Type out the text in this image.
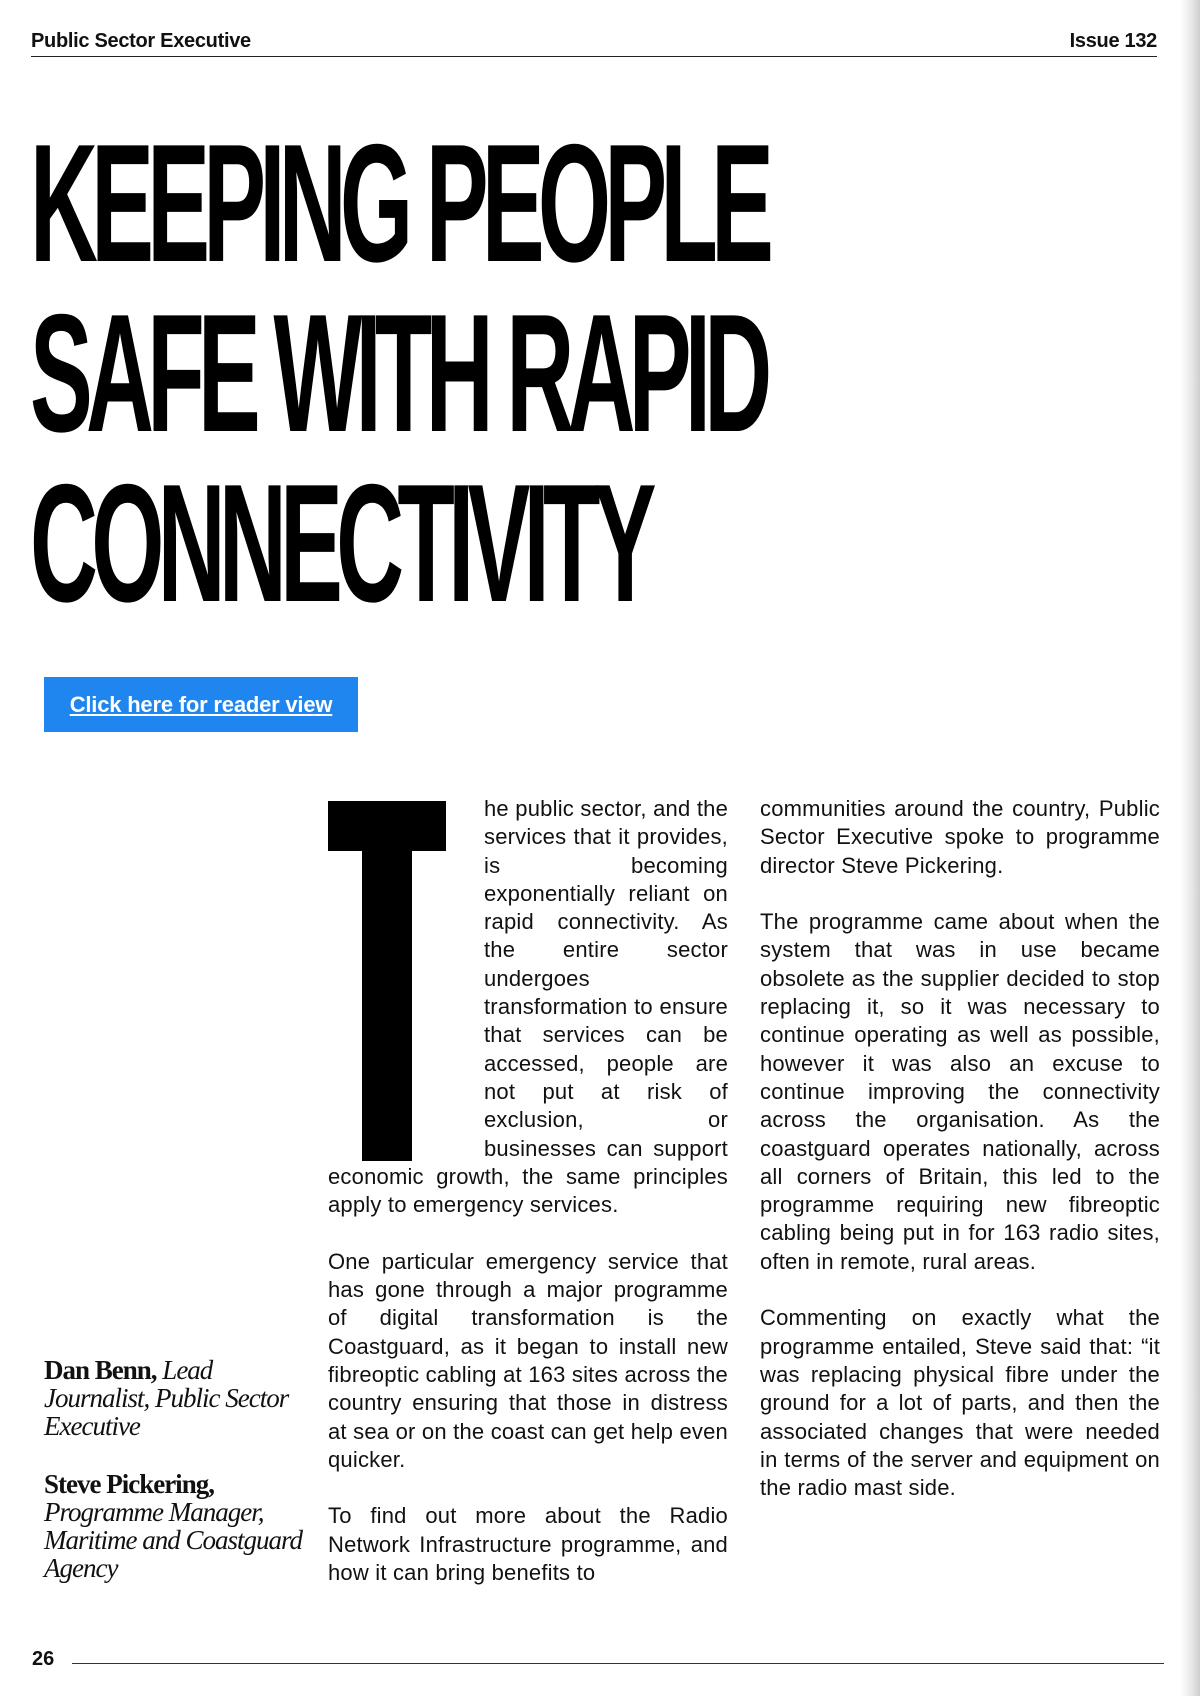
Public Sector Executive	Issue 132
KEEPING PEOPLE
SAFE WITH RAPID
CONNECTIVITY
Click here for reader view
Dan Benn, Lead Journalist, Public Sector Executive
Steve Pickering, Programme Manager, Maritime and Coastguard Agency

he public sector, and the services that it provides, is becoming exponentially reliant on rapid connectivity. As the entire sector undergoes transformation to ensure that services can be accessed, people are not put at risk of exclusion, or businesses can support economic growth, the same principles apply to emergency services.

One particular emergency service that has gone through a major programme of digital transformation is the Coastguard, as it began to install new fibreoptic cabling at 163 sites across the country ensuring that those in distress at sea or on the coast can get help even quicker.

To find out more about the Radio Network Infrastructure programme, and how it can bring benefits to

communities around the country, Public Sector Executive spoke to programme director Steve Pickering.

The programme came about when the system that was in use became obsolete as the supplier decided to stop replacing it, so it was necessary to continue operating as well as possible, however it was also an excuse to continue improving the connectivity across the organisation. As the coastguard operates nationally, across all corners of Britain, this led to the programme requiring new fibreoptic cabling being put in for 163 radio sites, often in remote, rural areas.

Commenting on exactly what the programme entailed, Steve said that: “it was replacing physical fibre under the ground for a lot of parts, and then the associated changes that were needed in terms of the server and equipment on the radio mast side.

26
